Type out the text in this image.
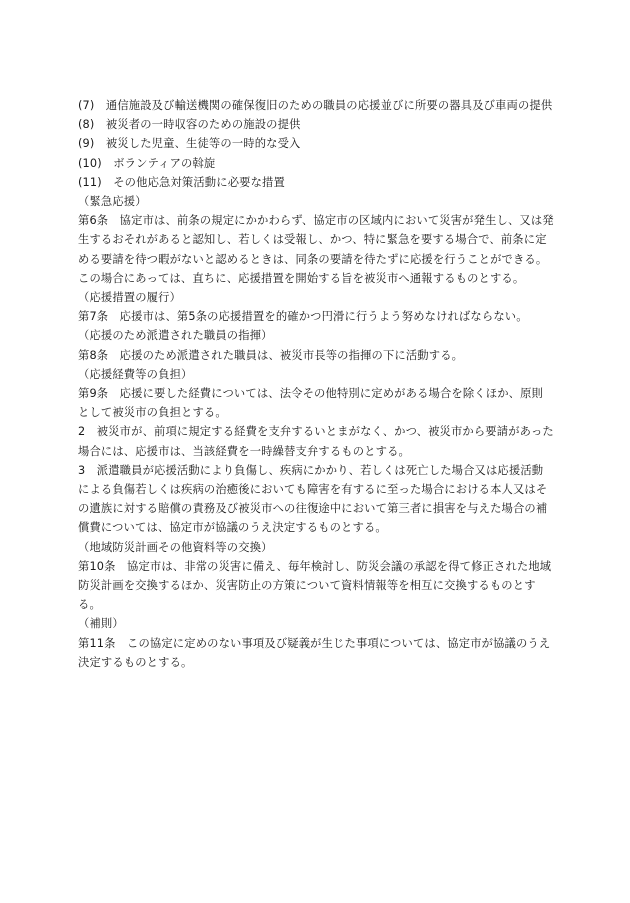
(7)　通信施設及び輸送機関の確保復旧のための職員の応援並びに所要の器具及び車両の提供

(8)　被災者の一時収容のための施設の提供

(9)　被災した児童、生徒等の一時的な受入

(10)　ボランティアの斡旋

(11)　その他応急対策活動に必要な措置

（緊急応援）

第6条　協定市は、前条の規定にかかわらず、協定市の区域内において災害が発生し、又は発生するおそれがあると認知し、若しくは受報し、かつ、特に緊急を要する場合で、前条に定める要請を待つ暇がないと認めるときは、同条の要請を待たずに応援を行うことができる。 この場合にあっては、直ちに、応援措置を開始する旨を被災市へ通報するものとする。

（応援措置の履行）

第7条　応援市は、第5条の応援措置を的確かつ円滑に行うよう努めなければならない。

（応援のため派遣された職員の指揮）

第8条　応援のため派遣された職員は、被災市長等の指揮の下に活動する。

（応援経費等の負担）

第9条　応援に要した経費については、法令その他特別に定めがある場合を除くほか、原則として被災市の負担とする。

2　被災市が、前項に規定する経費を支弁するいとまがなく、かつ、被災市から要請があった場合には、応援市は、当該経費を一時繰替支弁するものとする。

3　派遣職員が応援活動により負傷し、疾病にかかり、若しくは死亡した場合又は応援活動による負傷若しくは疾病の治癒後においても障害を有するに至った場合における本人又はその遺族に対する賠償の責務及び被災市への往復途中において第三者に損害を与えた場合の補償費については、協定市が協議のうえ決定するものとする。

（地域防災計画その他資料等の交換）

第10条　協定市は、非常の災害に備え、毎年検討し、防災会議の承認を得て修正された地域防災計画を交換するほか、災害防止の方策について資料情報等を相互に交換するものとする。

（補則）

第11条　この協定に定めのない事項及び疑義が生じた事項については、協定市が協議のうえ決定するものとする。
